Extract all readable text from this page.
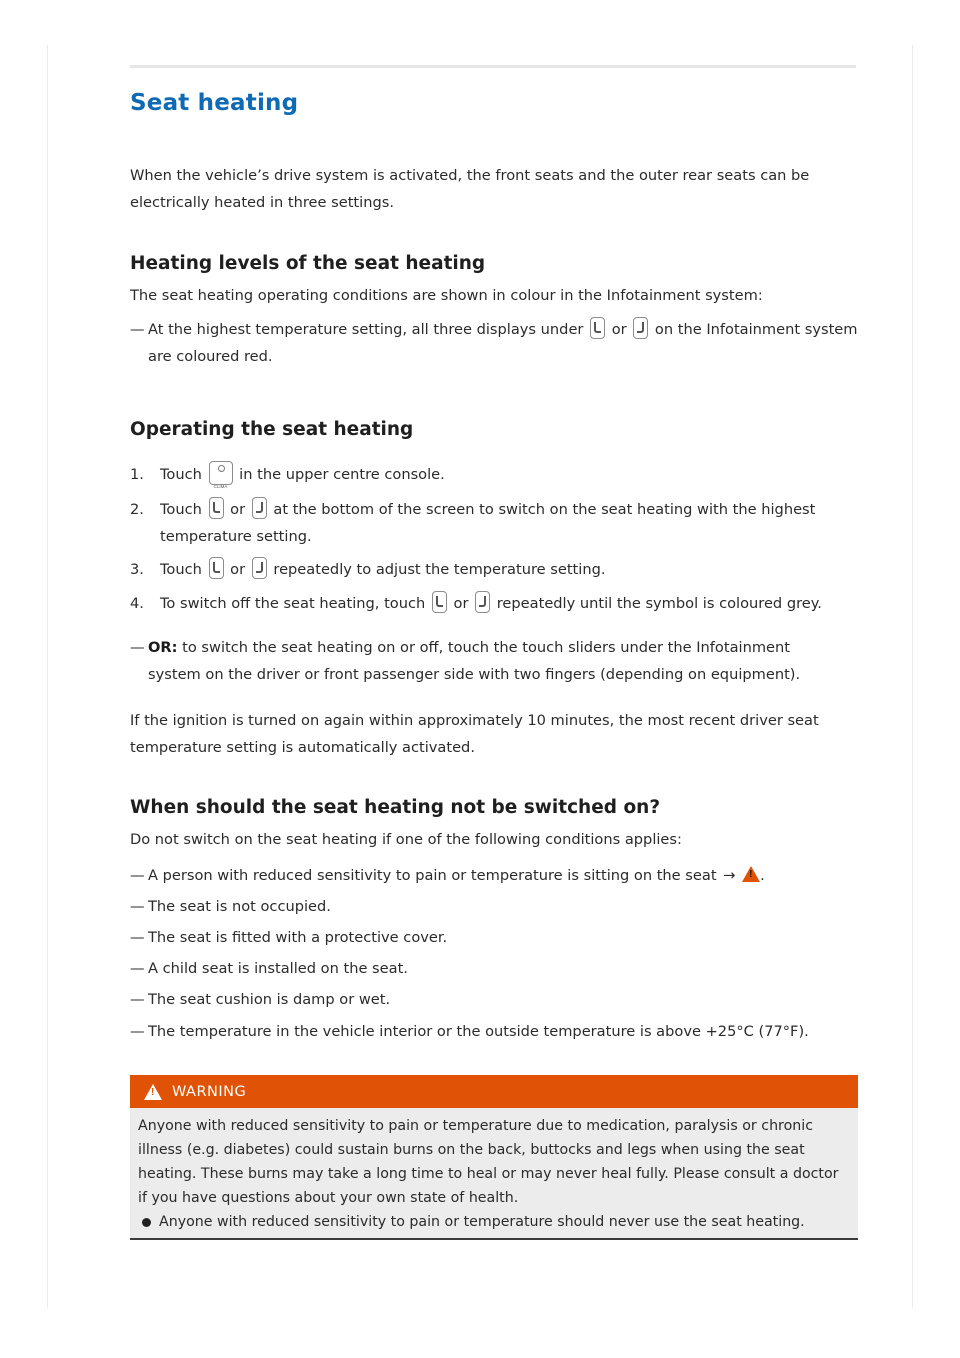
Seat heating

When the vehicle’s drive system is activated, the front seats and the outer rear seats can be electrically heated in three settings.

Heating levels of the seat heating

The seat heating operating conditions are shown in colour in the Infotainment system:

— At the highest temperature setting, all three displays under or on the Infotainment system are coloured red.
Operating the seat heating
1.	Touch
CLIMA
in the upper centre console.
2.	Touch or at the bottom of the screen to switch on the seat heating with the highest temperature setting.
3.	Touch or repeatedly to adjust the temperature setting.
4.	To switch off the seat heating, touch or repeatedly until the symbol is coloured grey.
— OR: to switch the seat heating on or off, touch the touch sliders under the Infotainment system on the driver or front passenger side with two fingers (depending on equipment).

If the ignition is turned on again within approximately 10 minutes, the most recent driver seat temperature setting is automatically activated.

When should the seat heating not be switched on?

Do not switch on the seat heating if one of the following conditions applies:

— A person with reduced sensitivity to pain or temperature is sitting on the seat → ! .
— The seat is not occupied.
— The seat is fitted with a protective cover.
— A child seat is installed on the seat.
— The seat cushion is damp or wet.
— The temperature in the vehicle interior or the outside temperature is above +25°C (77°F).
!
WARNING
Anyone with reduced sensitivity to pain or temperature due to medication, paralysis or chronic illness (e.g. diabetes) could sustain burns on the back, buttocks and legs when using the seat heating. These burns may take a long time to heal or may never heal fully. Please consult a doctor if you have questions about your own state of health.
Anyone with reduced sensitivity to pain or temperature should never use the seat heating.
